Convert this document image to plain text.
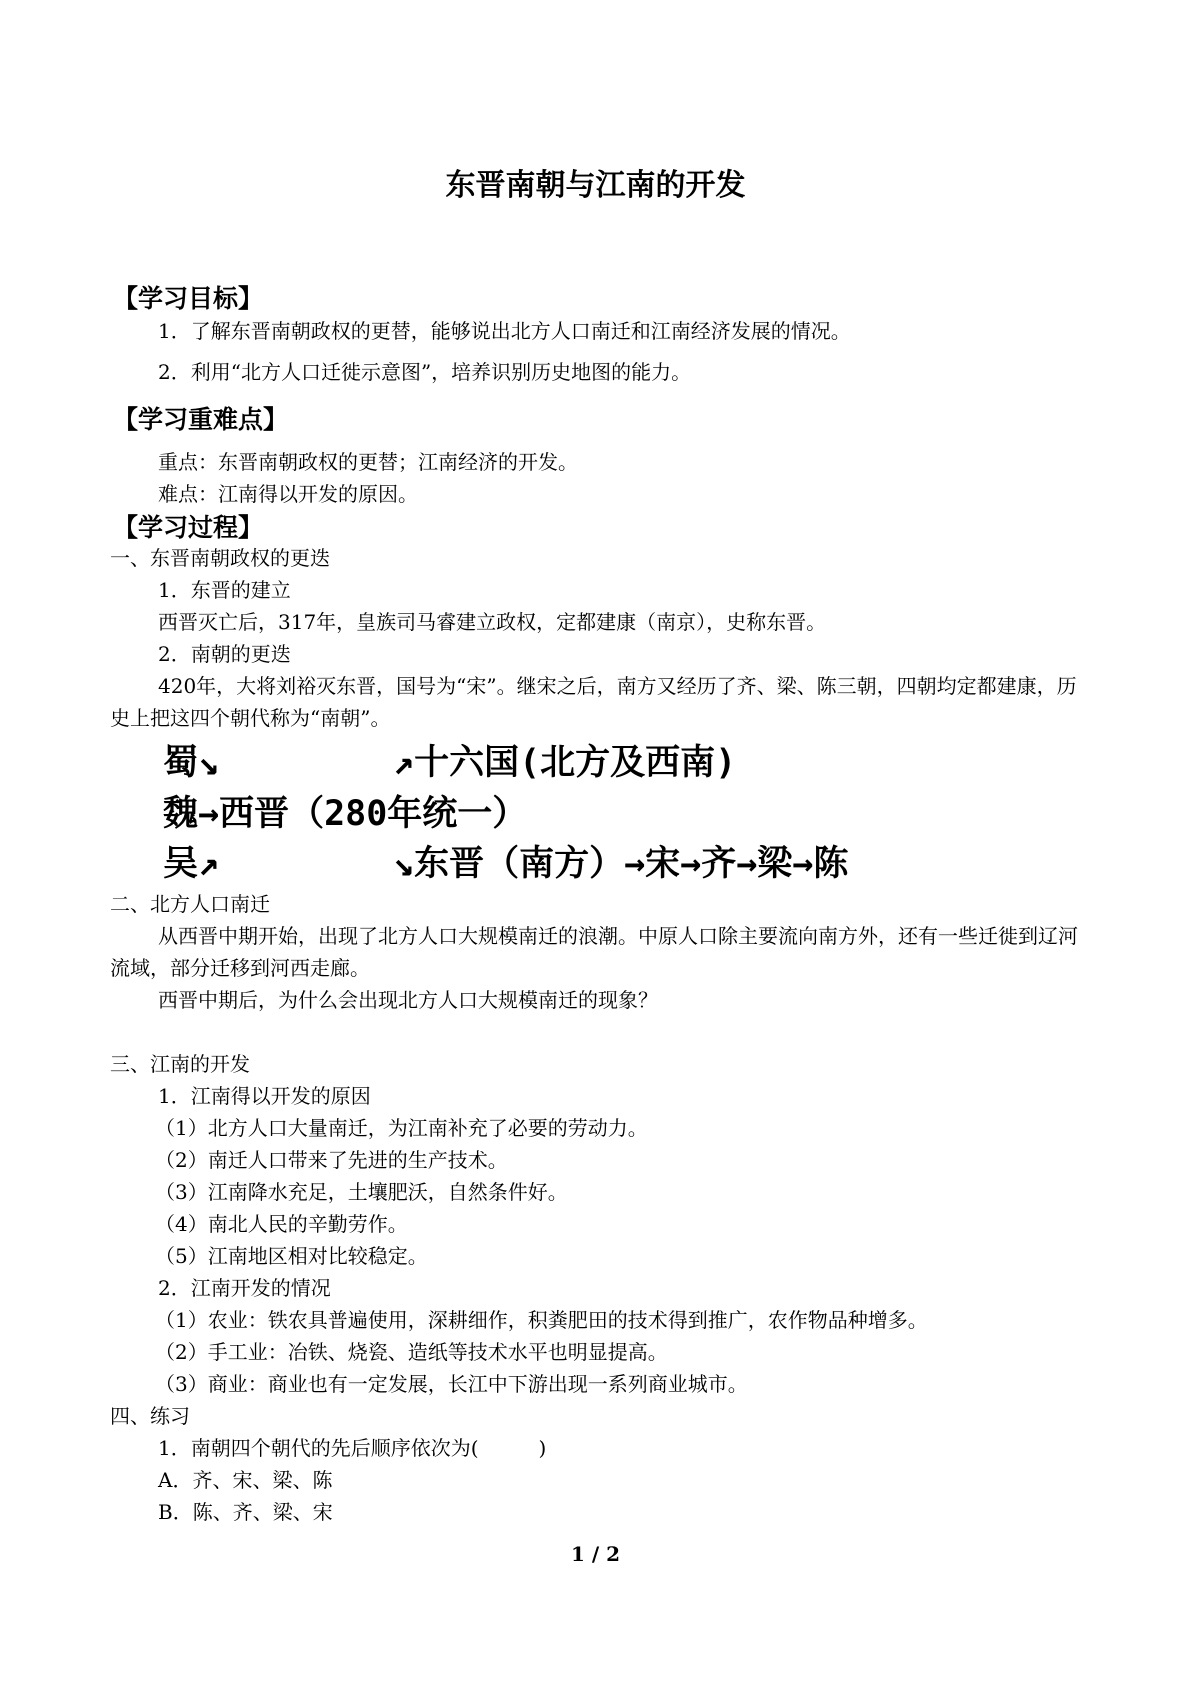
东晋南朝与江南的开发
【学习目标】
1．了解东晋南朝政权的更替，能够说出北方人口南迁和江南经济发展的情况。
2．利用“北方人口迁徙示意图”，培养识别历史地图的能力。
【学习重难点】
重点：东晋南朝政权的更替；江南经济的开发。
难点：江南得以开发的原因。
【学习过程】
一、东晋南朝政权的更迭
1．东晋的建立
西晋灭亡后，317年，皇族司马睿建立政权，定都建康（南京），史称东晋。
2．南朝的更迭
420年，大将刘裕灭东晋，国号为“宋”。继宋之后，南方又经历了齐、梁、陈三朝，四朝均定都建康，历史上把这四个朝代称为“南朝”。
蜀↘	↗十六国(北方及西南)
魏→西晋（280年统一）
吴↗	↘东晋（南方）→宋→齐→梁→陈
二、北方人口南迁
从西晋中期开始，出现了北方人口大规模南迁的浪潮。中原人口除主要流向南方外，还有一些迁徙到辽河流域，部分迁移到河西走廊。
西晋中期后，为什么会出现北方人口大规模南迁的现象？
三、江南的开发
1．江南得以开发的原因
（1）北方人口大量南迁，为江南补充了必要的劳动力。
（2）南迁人口带来了先进的生产技术。
（3）江南降水充足，土壤肥沃，自然条件好。
（4）南北人民的辛勤劳作。
（5）江南地区相对比较稳定。
2．江南开发的情况
（1）农业：铁农具普遍使用，深耕细作，积粪肥田的技术得到推广，农作物品种增多。
（2）手工业：冶铁、烧瓷、造纸等技术水平也明显提高。
（3）商业：商业也有一定发展，长江中下游出现一系列商业城市。
四、练习
1．南朝四个朝代的先后顺序依次为(　　　)
A．齐、宋、梁、陈
B．陈、齐、梁、宋
1 / 2
